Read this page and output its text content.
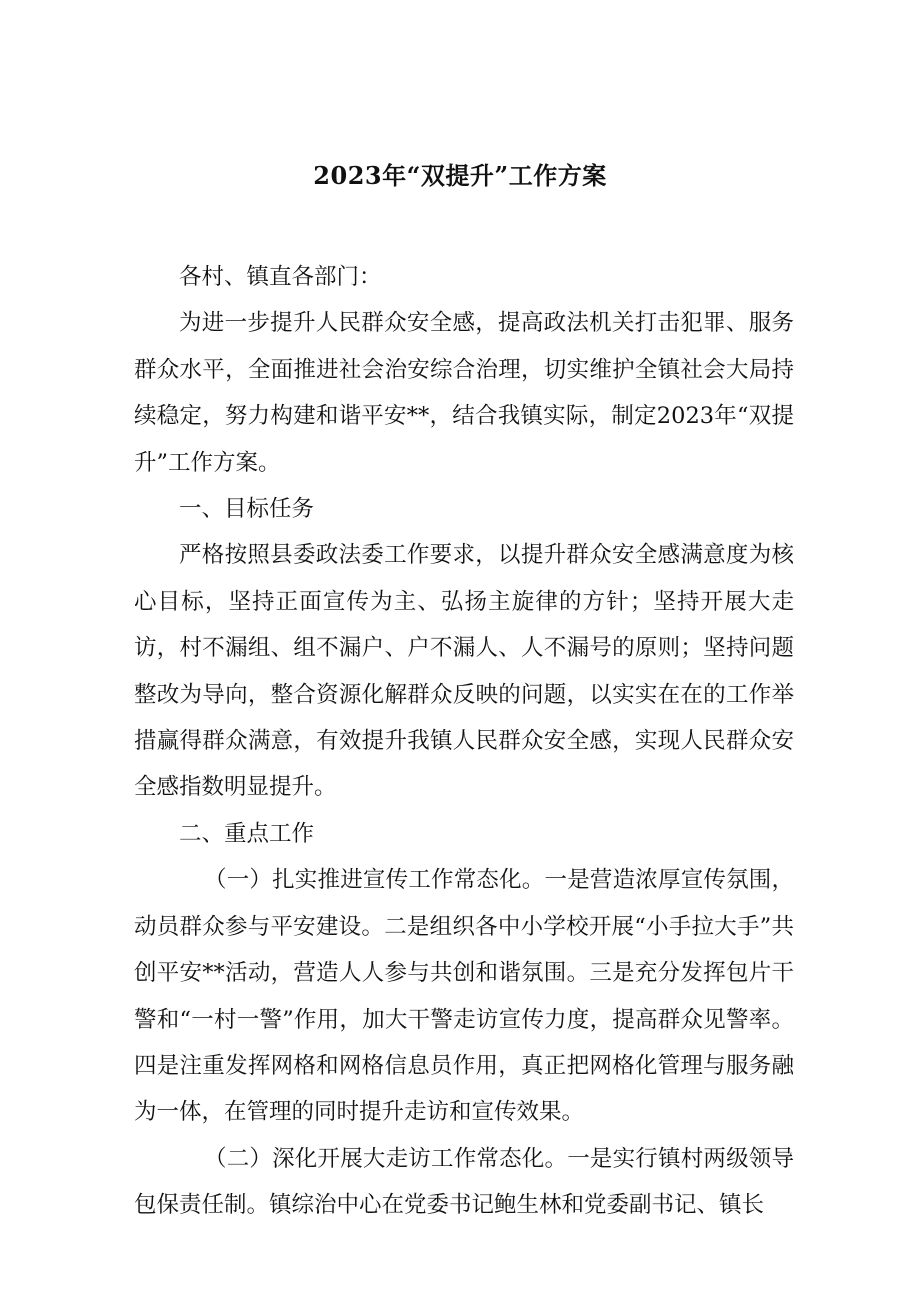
2023年“双提升”工作方案

各村、镇直各部门：

为进一步提升人民群众安全感，提高政法机关打击犯罪、服务群众水平，全面推进社会治安综合治理，切实维护全镇社会大局持续稳定，努力构建和谐平安**，结合我镇实际，制定2023年“双提升”工作方案。

一、目标任务

严格按照县委政法委工作要求，以提升群众安全感满意度为核心目标，坚持正面宣传为主、弘扬主旋律的方针；坚持开展大走访，村不漏组、组不漏户、户不漏人、人不漏号的原则；坚持问题整改为导向，整合资源化解群众反映的问题，以实实在在的工作举措赢得群众满意，有效提升我镇人民群众安全感，实现人民群众安全感指数明显提升。

二、重点工作

（一）扎实推进宣传工作常态化。一是营造浓厚宣传氛围，动员群众参与平安建设。二是组织各中小学校开展“小手拉大手”共创平安**活动，营造人人参与共创和谐氛围。三是充分发挥包片干警和“一村一警”作用，加大干警走访宣传力度，提高群众见警率。四是注重发挥网格和网格信息员作用，真正把网格化管理与服务融为一体，在管理的同时提升走访和宣传效果。

（二）深化开展大走访工作常态化。一是实行镇村两级领导包保责任制。镇综治中心在党委书记鲍生林和党委副书记、镇长
